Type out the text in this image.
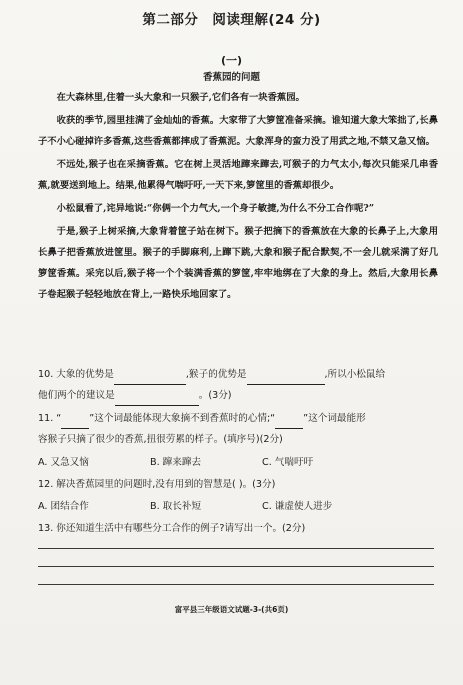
第二部分 阅读理解(24 分)
(一)
香蕉园的问题

在大森林里,住着一头大象和一只猴子,它们各有一块香蕉园。

收获的季节,园里挂满了金灿灿的香蕉。大家带了大箩筐准备采摘。谁知道大象大笨拙了,长鼻子不小心碰掉许多香蕉,这些香蕉都摔成了香蕉泥。大象浑身的蛮力没了用武之地,不禁又急又恼。

不远处,猴子也在采摘香蕉。它在树上灵活地蹿来蹿去,可猴子的力气太小,每次只能采几串香蕉,就要送到地上。结果,他累得气喘吁吁,一天下来,箩筐里的香蕉却很少。

小松鼠看了,诧异地说:“你俩一个力气大,一个身子敏捷,为什么不分工合作呢?”

于是,猴子上树采摘,大象背着筐子站在树下。猴子把摘下的香蕉放在大象的长鼻子上,大象用长鼻子把香蕉放进筐里。猴子的手脚麻利,上蹿下跳,大象和猴子配合默契,不一会儿就采满了好几箩筐香蕉。采完以后,猴子将一个个装满香蕉的箩筐,牢牢地绑在了大象的身上。然后,大象用长鼻子卷起猴子轻轻地放在背上,一路快乐地回家了。

10. 大象的优势是	,猴子的优势是	,所以小松鼠给
他们两个的建议是	。(3分)
11. “	”这个词最能体现大象摘不到香蕉时的心情;“	”这个词最能形
容猴子只摘了很少的香蕉,扭很劳累的样子。(填序号)(2分)
A. 又急又恼	B. 蹿来蹿去	C. 气喘吁吁
12. 解决香蕉园里的问题时,没有用到的智慧是( )。(3分)
A. 团结合作	B. 取长补短	C. 谦虚使人进步
13. 你还知道生活中有哪些分工合作的例子?请写出一个。(2分)
富平县三年级语文试题-3-(共6页)
